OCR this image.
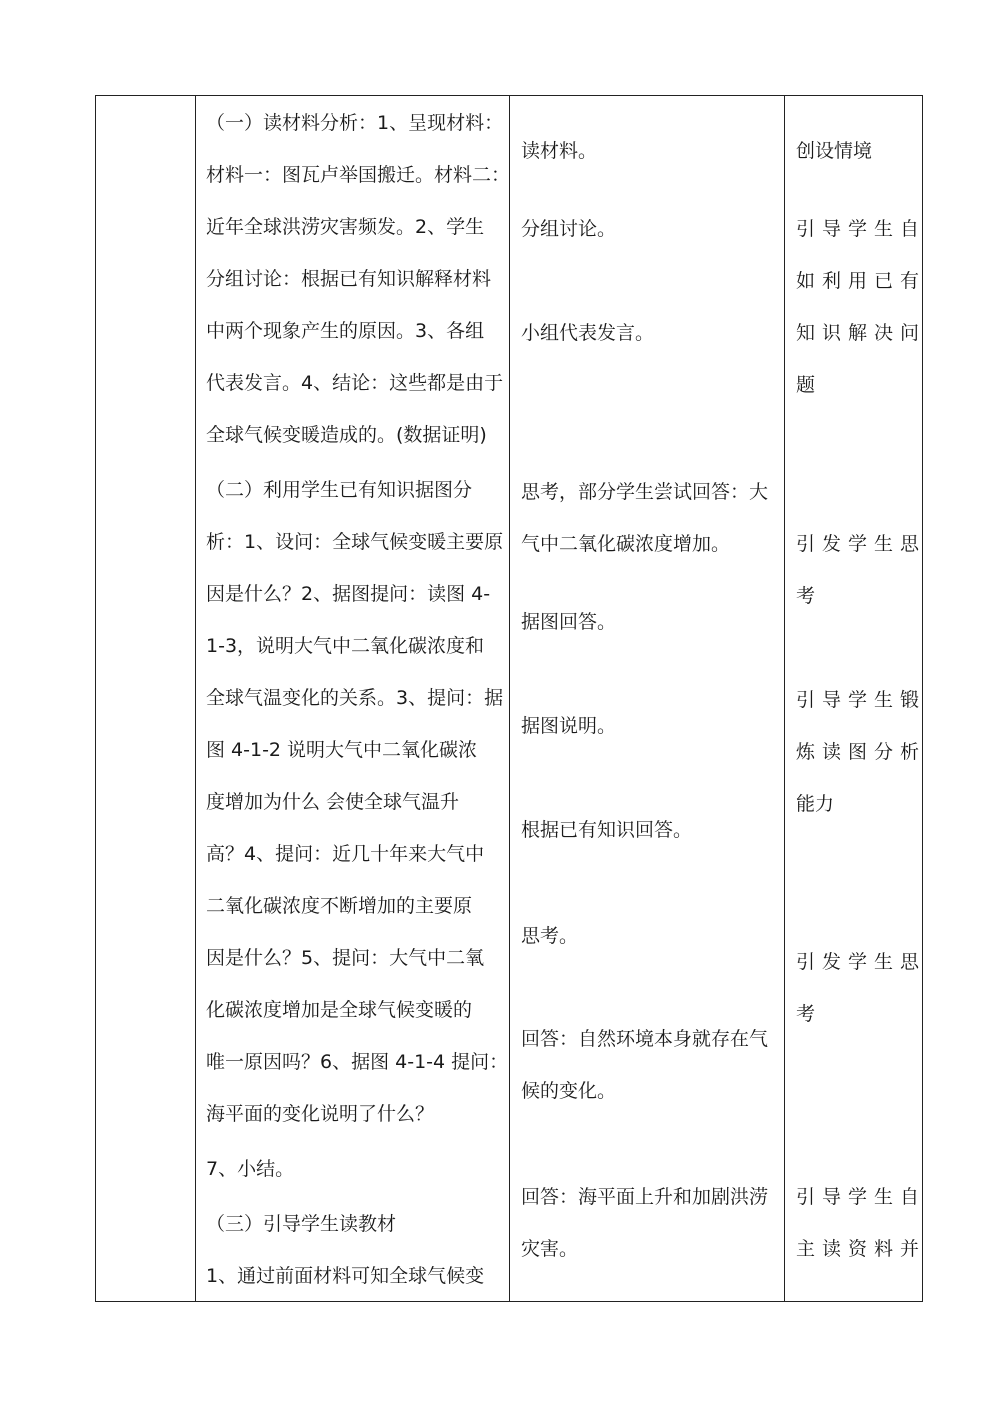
（一）读材料分析：1、呈现材料：
材料一：图瓦卢举国搬迁。材料二：
近年全球洪涝灾害频发。2、学生
分组讨论：根据已有知识解释材料
中两个现象产生的原因。3、各组
代表发言。4、结论：这些都是由于
全球气候变暖造成的。(数据证明)
（二）利用学生已有知识据图分
析：1、设问：全球气候变暖主要原
因是什么？2、据图提问：读图 4-
1-3，说明大气中二氧化碳浓度和
全球气温变化的关系。3、提问：据
图 4-1-2 说明大气中二氧化碳浓
度增加为什么 会使全球气温升
高？4、提问：近几十年来大气中
二氧化碳浓度不断增加的主要原
因是什么？5、提问：大气中二氧
化碳浓度增加是全球气候变暖的
唯一原因吗？6、据图 4-1-4 提问：
海平面的变化说明了什么？
7、小结。
（三）引导学生读教材
1、通过前面材料可知全球气候变
读材料。
分组讨论。
小组代表发言。
思考，部分学生尝试回答：大
气中二氧化碳浓度增加。
据图回答。
据图说明。
根据已有知识回答。
思考。
回答：自然环境本身就存在气
候的变化。
回答：海平面上升和加剧洪涝
灾害。
创设情境
引导学生自
如利用已有
知识解决问
题
引发学生思
考
引导学生锻
炼读图分析
能力
引发学生思
考
引导学生自
主读资料并
